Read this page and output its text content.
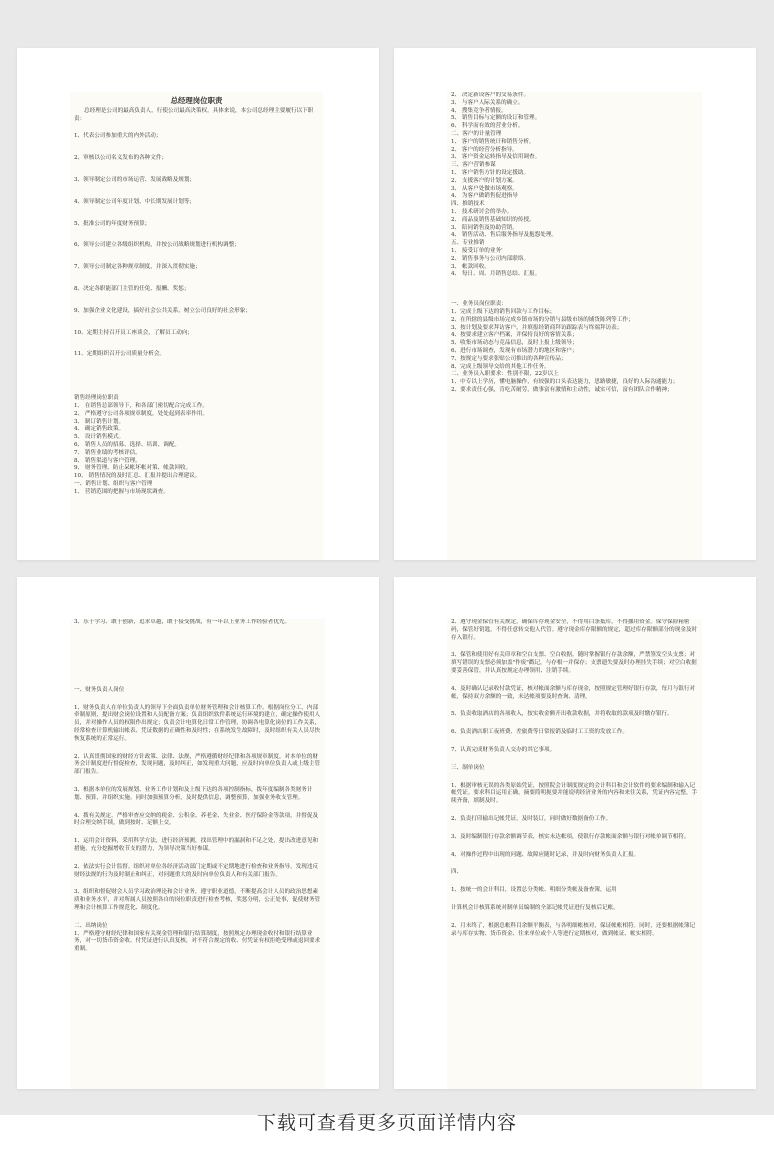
总经理岗位职责

总经理是公司的最高负责人，行使公司最高决策权。具体来说，本公司总经理主要履行以下职责：

1、代表公司参加重大的内外活动；

2、审核以公司名义发布的各种文件；

3、领导制定公司的市场运营、发展战略及规划；

4、领导制定公司年度计划、中长期发展计划等；

5、批准公司的年度财务预算；

6、领导公司建立各级组织机构，并按公司战略规划进行机构调整；

7、领导公司制定各种规章制度，并深入贯彻实施；

8、决定各职能部门主管的任免、报酬、奖惩；

9、加强企业文化建设，搞好社会公共关系，树立公司良好的社会形象；

10、定期主持召开员工座谈会，了解员工动向；

11、定期组织召开公司质量分析会。

销售经理岗位职责

1、 在销售总部领导下，和各部门密切配合完成工作。

2、 严格遵守公司各项规章制度，处处起到表率作用。

3、 制订销售计划。

4、 确定销售政策。

5、 设计销售模式。

6、 销售人员的招募、选择、培训、调配。

7、 销售业绩的考核评估。

8、 销售渠道与客户管理。

9、 财务管理、防止呆帐坏帐对策、帐款回收。

10、 销售情况的及时汇总、汇报并提出合理建议。

一、销售计划、组织与客户管理

1、 营销范围的把握与市场现状调查。

2、 决定新设客户的交易条件。

3、 与客户人际关系的确立。

4、 搜集竞争者情报。

5、 销售目标与定额的设订和管理。

6、 科学而有效的营业分析。

二、客户的计量管理

1、 客户的销售统计和销售分析。

2、 客户的经营分析指导。

3、 客户资金运转指导及信用调查。

三、客户营销参谋

1、 客户销售方针的设定援助。

2、 支援客户的计划方案。

3、 从客户处做市场观察。

4、 为客户做销售促进指导

四、推销技术

1、 技术研讨会的举办。

2、 商品及销售基础知识的传授。

3、 陪同销售及协助营销。

4、 销售活动、售后服务指导及抱怨处理。

五、专业推销

1、 接受订单的业务'

2、 销售事务与公司内部联络。

3、 帐款回收。

4、 每日、周、月销售总结、汇报。

一、业务员岗位职责：

1、完成上级下达的销售回款与工作目标；

2、在所辖的县级市场完成乡镇市场的分销与县级市场的铺货陈列等工作；

3、按计划及要求拜访客户，并填报经销商拜访跟踪表与终端拜访表；

4、按要求建立客户档案，并保持良好的客情关系；

5、收集市场动态与竞品信息，及时上报上级领导；

6、进行市场调查，发现有市场潜力的地区和客户；

7、按规定与要求张贴公司推出的各种宣传品；

8、完成上级领导交给的其他工作任务。

二、业务员入职要求：性别不限，22岁以上

1、中专以上学历，懂电脑操作，有较强的口头表达能力，思路敏捷，良好的人际沟通能力；

2、要求责任心强，肯吃苦耐劳，做事富有激情和主动性，诚实可信，富有团队合作精神；

3、乐于学习、敢于创新，追求卓越，敢于接受挑战，有一年以上业务工作经验者优先。

一、财务负责人岗位

1、财务负责人在单位负责人的领导下全面负责单位财务管理和会计核算工作。根据岗位分工，内部牵制原则，提出财会岗位设置和人员配备方案；负责组织软件系统运行环境的建立，确定操作使用人员，并对操作人员的权限作出规定；负责会计电算化日常工作管理，协调各电算化岗位的工作关系，经常检查计算机输出帐表、凭证数据的正确性和及时性；在系统发生故障时，及时组织有关人员尽快恢复系统的正常运行。

2、认真贯彻国家的财经方针政策、法律、法规，严格遵循财经纪律和各项规章制度。对本单位的财务会计制度进行督促检查，发现问题，及时纠正，如发现重大问题，应及时向单位负责人或上级主管部门报告。

3、根据本单位的发展规划、业务工作计划和及上级下达的各项控制指标，拨年度编制各类财务计划、预算，并组织实施。同时加强预算分析，及时提供信息，调整预算，加强业务收支管理。

4、拨有关规定，严格审查应交纳的税金、公积金、养老金、失业金、医疗保险金等款项，并督促及时合理交纳手续，做到按时、足额上交。

1、运用会计资料，采用科学方法，进行经济预测，找出管理中的漏洞和不足之处，提出改进意见和措施，充分挖掘增收节支的潜力，为领导决策当好参谋。

2、依法实行会计监督。组织对单位各经济活动部门定期或不定期地进行检查和业务指导，发现违反财经法规的行为及时制止和纠正，对问题重大的及时向单位负责人和有关部门报告。

3、组织和督促财会人员学习政治理论和会计业务，遵守职业道德，不断提高会计人员的政治思想素质和业务水平，并对所属人员按照各自的岗位职责进行检查考核，奖惩分明，公正处事，促使财务管理和会计核算工作规范化、制度化。

二、出纳岗位

1、严格遵守财经纪律和国家有关现金管理和银行结算制度，按照规定办理现金收付和银行结算业务，对一切货币资金收、付凭证进行认真复核，对不符合规定的收、付凭证有权拒绝受理或退回要求重制。

2、遵守现金保管有关规定，确保库存现金安全，不得用白条抵库，不得挪用资金。保守保险箱密码，保管好钥匙，不得任意转交他人代管。遵守现金库存限额的规定，超过库存限额部分的现金及时存入银行。

3、保管和使用好有关印章和空白支票、空白收据。随时掌握银行存款余额，严禁签发空头支票；对填写错误的支票必须加盖"作废"戳记，与存根一并保存；支票遗失要及时办理挂失手续；对空白收据要妥善保管，并认真按规定办理领用、注销手续。

4、及时确认记录收付款凭证，核对帐面余额与库存现金，按照规定管理好银行存款，每月与银行对帐，保持双方余额的一致，未达帐项要及时查询、清理。

5、负责收取酒店的各项收入，按实收金额开出收款收据，并将收取的款项及时缴存银行。

6、负责酒店职工夜班费、差旅费等日常报销及临时工工资的发放工作。

7、认真完成财务负责人交办的其它事项。

三、制单岗位

1、根据审核无误的各类原始凭证，按照院会计制度规定的会计科目和会计软件的要求编制和输入记帐凭证。要求科目运用正确，摘要简明扼要并能说明经济业务的内容和来往关系，凭证内容完整，手续齐备，填制及时。

2、负责打印输出记帐凭证，及时装订，同时做好数据备份工作。

3、及时编制银行存款余额调节表，核实未达帐项，使银行存款帐面余额与银行对帐单调节相符。

4、对操作过程中出现的问题、故障应随时记录，并及时向财务负责人汇报。

四、

1、按统一的会计科目，设置总分类帐、明细分类帐及备查簿，运用

计算机会计核算系统对制单员编制的全部记帐凭证进行复核后记帐。

2、月末终了，根据总帐科目余额平衡表，与各明细帐核对，保证帐帐相符。同时，还要根据帐簿记录与库存实物、货币资金、往来单位或个人等进行定期核对，做到帐证、帐实相符。

下载可查看更多页面详情内容
